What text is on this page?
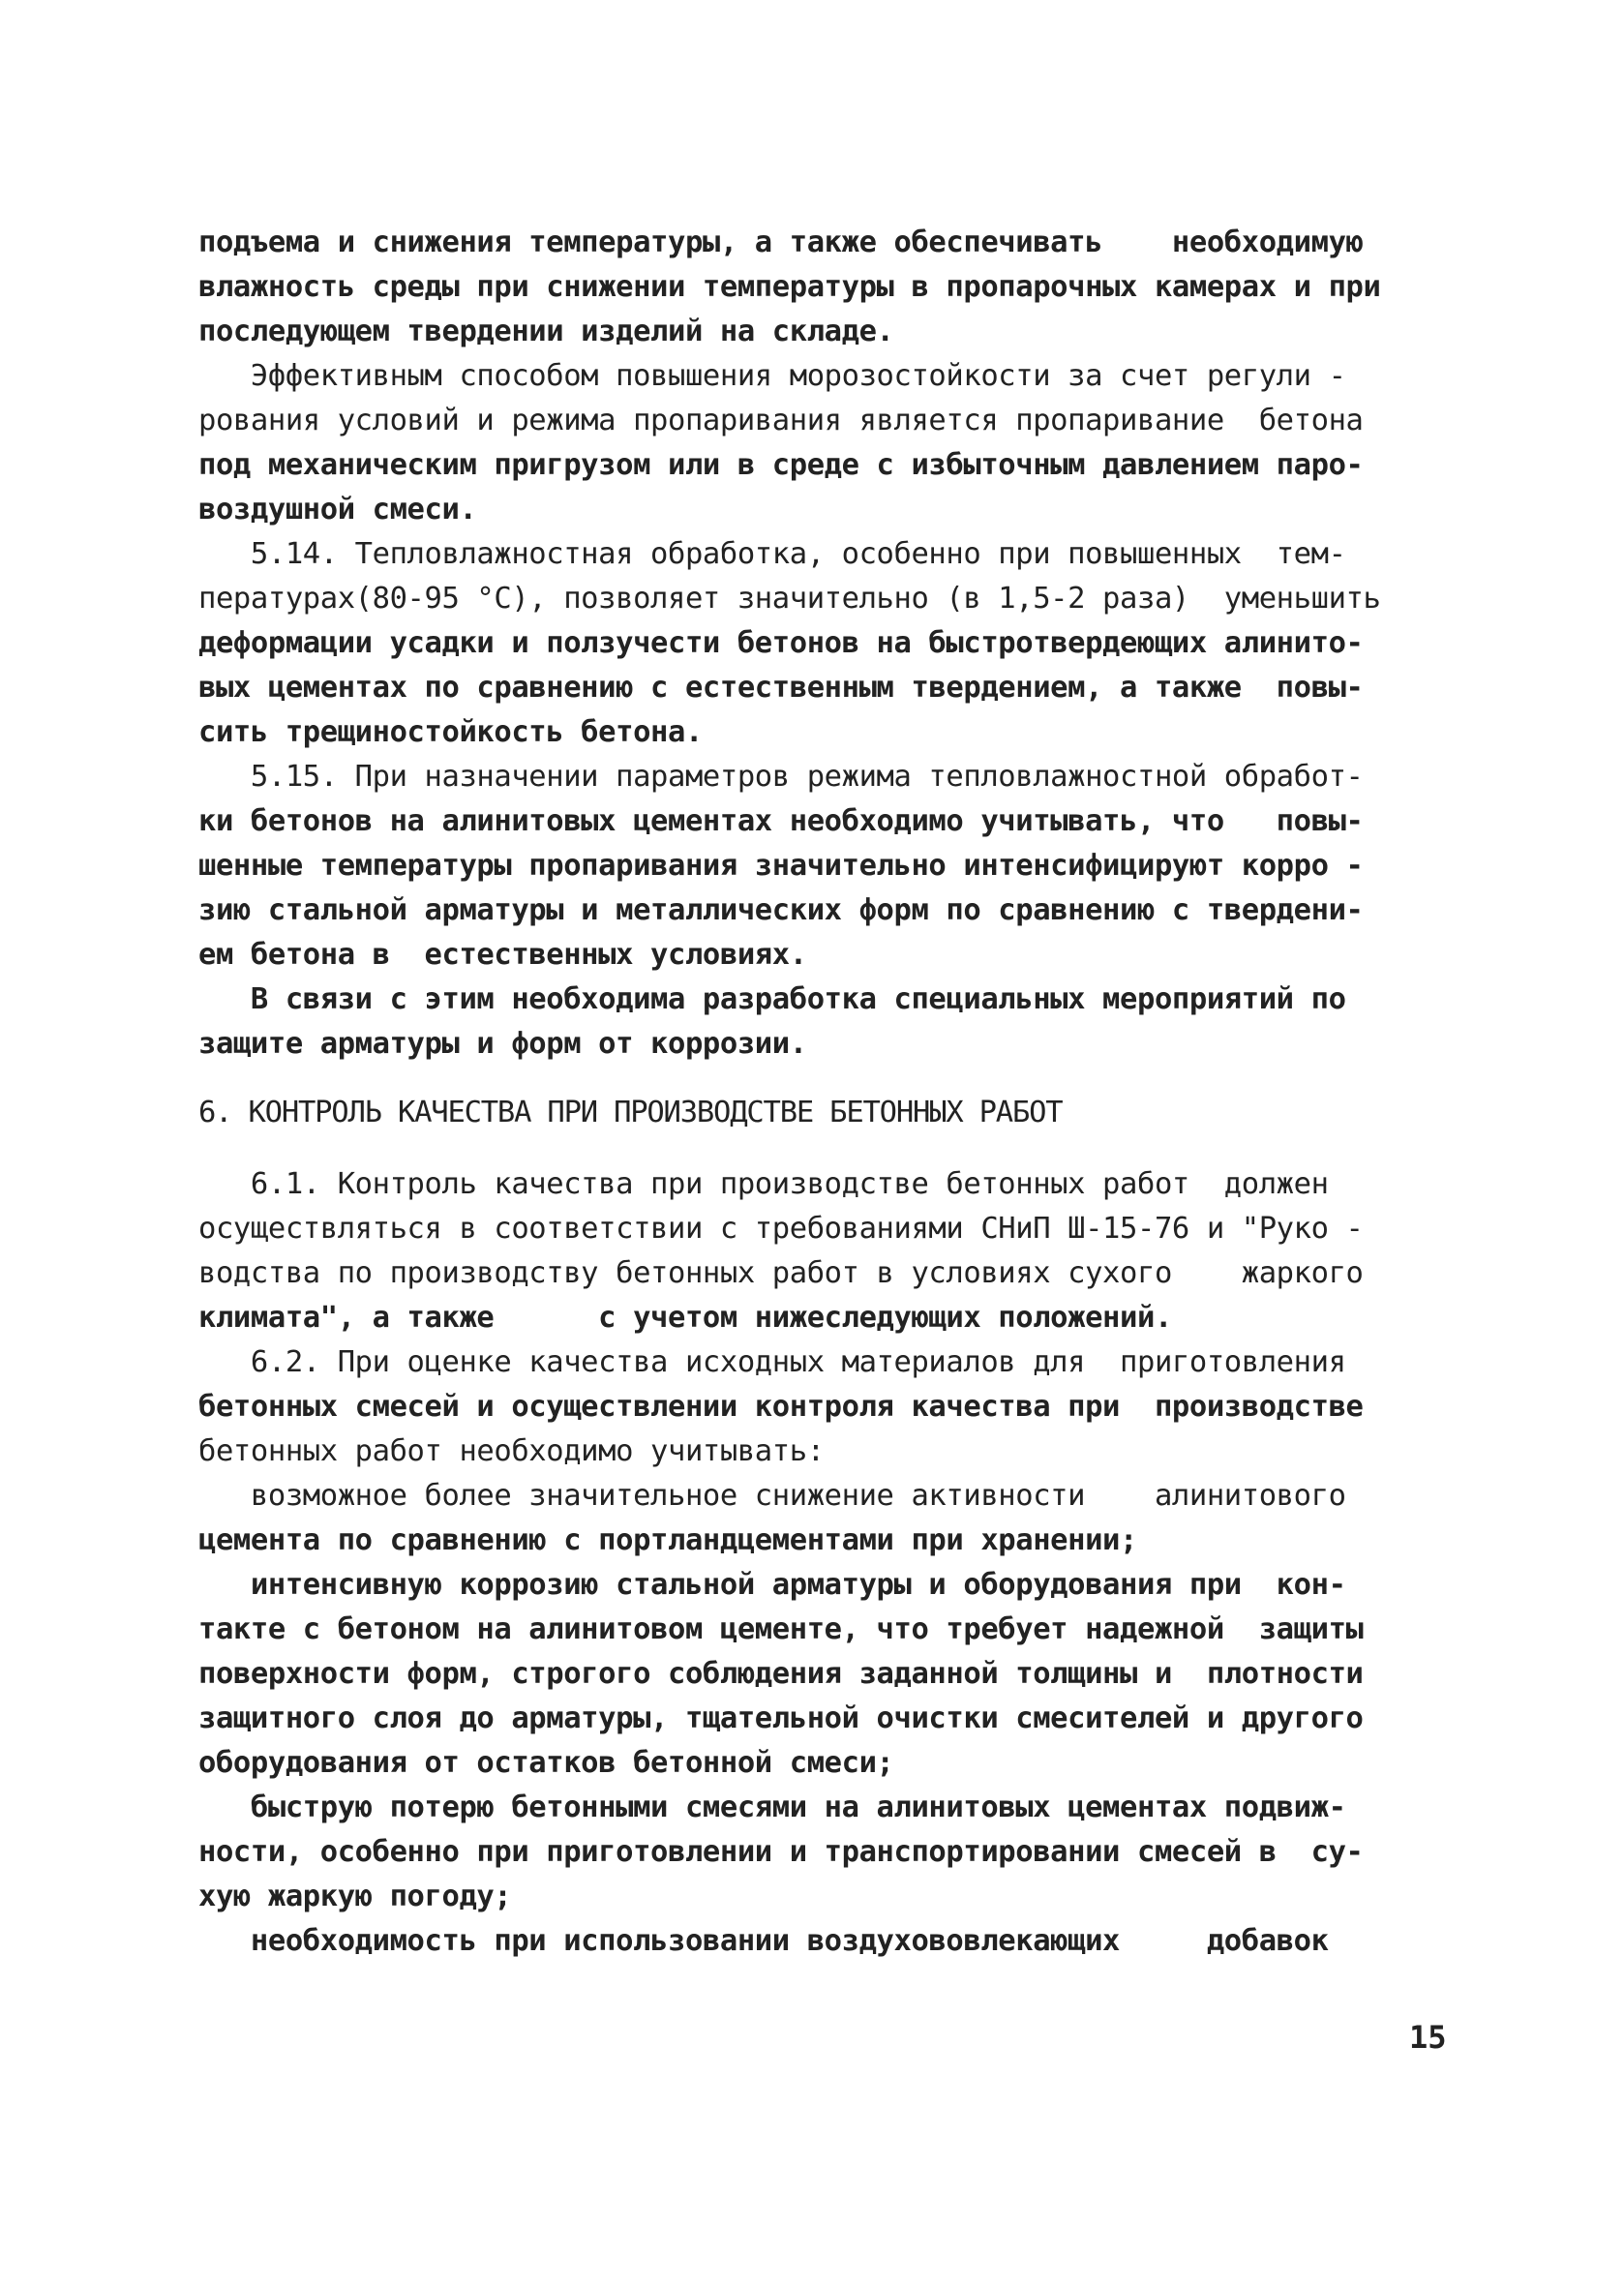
подъема и снижения температуры, а также обеспечивать    необходимую
влажность среды при снижении температуры в пропарочных камерах и при
последующем твердении изделий на складе.
Эффективным способом повышения морозостойкости за счет регули -
рования условий и режима пропаривания является пропаривание  бетона
под механическим пригрузом или в среде с избыточным давлением паро-
воздушной смеси.
5.14. Тепловлажностная обработка, особенно при повышенных  тем-
пературах(80-95 °С), позволяет значительно (в 1,5-2 раза)  уменьшить
деформации усадки и ползучести бетонов на быстротвердеющих алинито-
вых цементах по сравнению с естественным твердением, а также  повы-
сить трещиностойкость бетона.
5.15. При назначении параметров режима тепловлажностной обработ-
ки бетонов на алинитовых цементах необходимо учитывать, что   повы-
шенные температуры пропаривания значительно интенсифицируют корро -
зию стальной арматуры и металлических форм по сравнению с твердени-
ем бетона в  естественных условиях.
В связи с этим необходима разработка специальных мероприятий по
защите арматуры и форм от коррозии.
6. КОНТРОЛЬ КАЧЕСТВА ПРИ ПРОИЗВОДСТВЕ БЕТОННЫХ РАБОТ
6.1. Контроль качества при производстве бетонных работ  должен
осуществляться в соответствии с требованиями СНиП Ш-15-76 и "Руко -
водства по производству бетонных работ в условиях сухого    жаркого
климата", а также      с учетом нижеследующих положений.
6.2. При оценке качества исходных материалов для  приготовления
бетонных смесей и осуществлении контроля качества при  производстве
бетонных работ необходимо учитывать:
возможное более значительное снижение активности    алинитового
цемента по сравнению с портландцементами при хранении;
интенсивную коррозию стальной арматуры и оборудования при  кон-
такте с бетоном на алинитовом цементе, что требует надежной  защиты
поверхности форм, строгого соблюдения заданной толщины и  плотности
защитного слоя до арматуры, тщательной очистки смесителей и другого
оборудования от остатков бетонной смеси;
быструю потерю бетонными смесями на алинитовых цементах подвиж-
ности, особенно при приготовлении и транспортировании смесей в  су-
хую жаркую погоду;
необходимость при использовании воздухововлекающих     добавок
15
